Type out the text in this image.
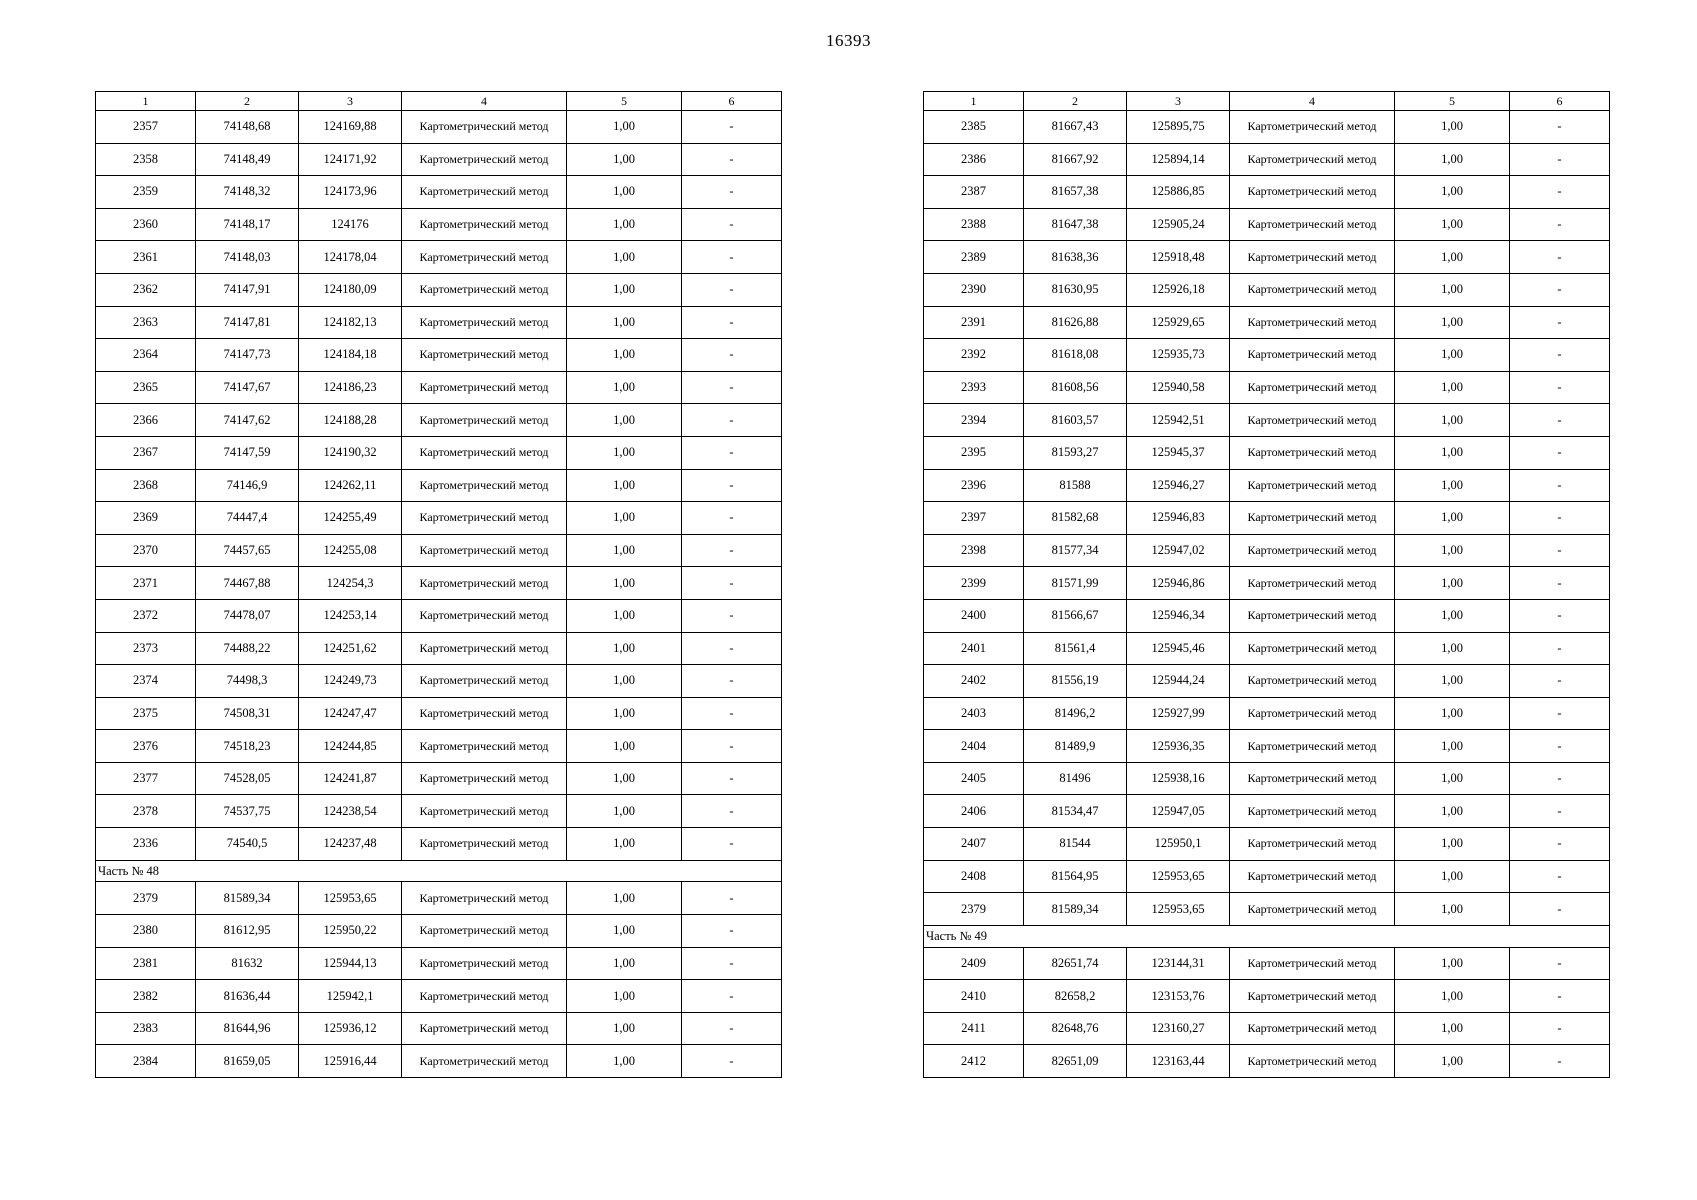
16393
1	2	3	4	5	6
2357	74148,68	124169,88	Картометрический метод	1,00	-
2358	74148,49	124171,92	Картометрический метод	1,00	-
2359	74148,32	124173,96	Картометрический метод	1,00	-
2360	74148,17	124176	Картометрический метод	1,00	-
2361	74148,03	124178,04	Картометрический метод	1,00	-
2362	74147,91	124180,09	Картометрический метод	1,00	-
2363	74147,81	124182,13	Картометрический метод	1,00	-
2364	74147,73	124184,18	Картометрический метод	1,00	-
2365	74147,67	124186,23	Картометрический метод	1,00	-
2366	74147,62	124188,28	Картометрический метод	1,00	-
2367	74147,59	124190,32	Картометрический метод	1,00	-
2368	74146,9	124262,11	Картометрический метод	1,00	-
2369	74447,4	124255,49	Картометрический метод	1,00	-
2370	74457,65	124255,08	Картометрический метод	1,00	-
2371	74467,88	124254,3	Картометрический метод	1,00	-
2372	74478,07	124253,14	Картометрический метод	1,00	-
2373	74488,22	124251,62	Картометрический метод	1,00	-
2374	74498,3	124249,73	Картометрический метод	1,00	-
2375	74508,31	124247,47	Картометрический метод	1,00	-
2376	74518,23	124244,85	Картометрический метод	1,00	-
2377	74528,05	124241,87	Картометрический метод	1,00	-
2378	74537,75	124238,54	Картометрический метод	1,00	-
2336	74540,5	124237,48	Картометрический метод	1,00	-
Часть № 48					
2379	81589,34	125953,65	Картометрический метод	1,00	-
2380	81612,95	125950,22	Картометрический метод	1,00	-
2381	81632	125944,13	Картометрический метод	1,00	-
2382	81636,44	125942,1	Картометрический метод	1,00	-
2383	81644,96	125936,12	Картометрический метод	1,00	-
2384	81659,05	125916,44	Картометрический метод	1,00	-
1	2	3	4	5	6
2385	81667,43	125895,75	Картометрический метод	1,00	-
2386	81667,92	125894,14	Картометрический метод	1,00	-
2387	81657,38	125886,85	Картометрический метод	1,00	-
2388	81647,38	125905,24	Картометрический метод	1,00	-
2389	81638,36	125918,48	Картометрический метод	1,00	-
2390	81630,95	125926,18	Картометрический метод	1,00	-
2391	81626,88	125929,65	Картометрический метод	1,00	-
2392	81618,08	125935,73	Картометрический метод	1,00	-
2393	81608,56	125940,58	Картометрический метод	1,00	-
2394	81603,57	125942,51	Картометрический метод	1,00	-
2395	81593,27	125945,37	Картометрический метод	1,00	-
2396	81588	125946,27	Картометрический метод	1,00	-
2397	81582,68	125946,83	Картометрический метод	1,00	-
2398	81577,34	125947,02	Картометрический метод	1,00	-
2399	81571,99	125946,86	Картометрический метод	1,00	-
2400	81566,67	125946,34	Картометрический метод	1,00	-
2401	81561,4	125945,46	Картометрический метод	1,00	-
2402	81556,19	125944,24	Картометрический метод	1,00	-
2403	81496,2	125927,99	Картометрический метод	1,00	-
2404	81489,9	125936,35	Картометрический метод	1,00	-
2405	81496	125938,16	Картометрический метод	1,00	-
2406	81534,47	125947,05	Картометрический метод	1,00	-
2407	81544	125950,1	Картометрический метод	1,00	-
2408	81564,95	125953,65	Картометрический метод	1,00	-
2379	81589,34	125953,65	Картометрический метод	1,00	-
Часть № 49					
2409	82651,74	123144,31	Картометрический метод	1,00	-
2410	82658,2	123153,76	Картометрический метод	1,00	-
2411	82648,76	123160,27	Картометрический метод	1,00	-
2412	82651,09	123163,44	Картометрический метод	1,00	-
